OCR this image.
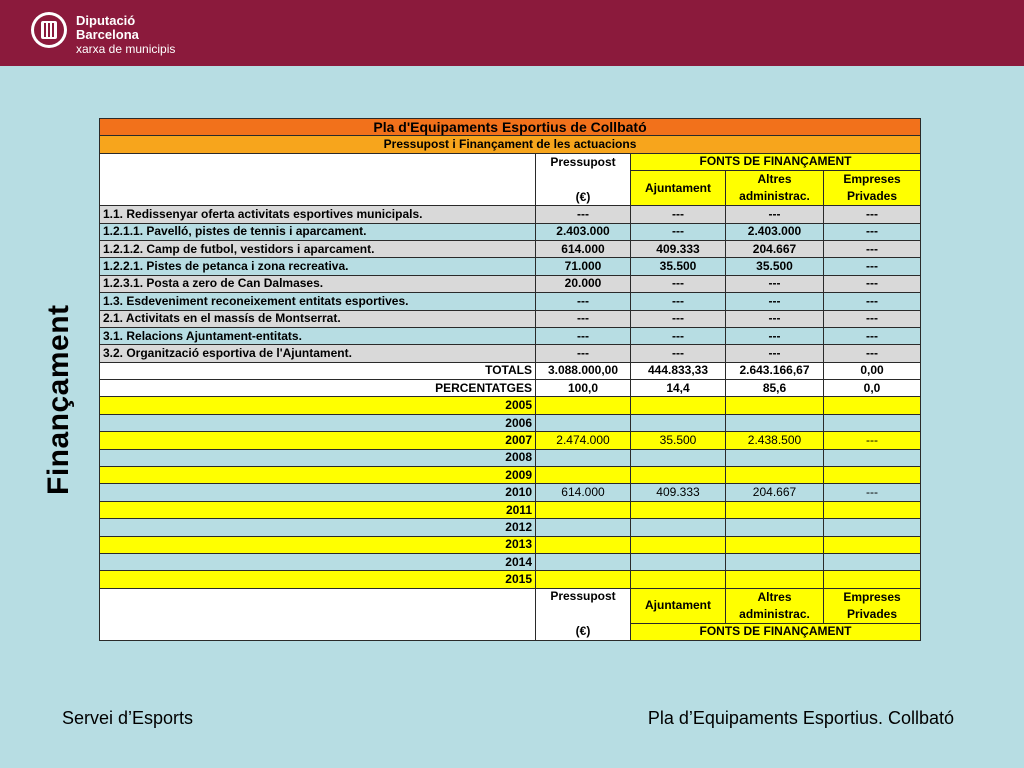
Diputació
Barcelona
xarxa de municipis
Finançament
Pla d'Equipaments Esportius de Collbató				
Pressupost i Finançament de les actuacions				
	Pressupost	FONTS DE FINANÇAMENT		
	(€)	Ajuntament	Altres administrac.	Empreses Privades
1.1. Redissenyar oferta activitats esportives municipals.	---	---	---	---
1.2.1.1. Pavelló, pistes de tennis i aparcament.	2.403.000	---	2.403.000	---
1.2.1.2. Camp de futbol, vestidors i aparcament.	614.000	409.333	204.667	---
1.2.2.1. Pistes de petanca i zona recreativa.	71.000	35.500	35.500	---
1.2.3.1. Posta a zero de Can Dalmases.	20.000	---	---	---
1.3. Esdeveniment reconeixement entitats esportives.	---	---	---	---
2.1. Activitats en el massís de Montserrat.	---	---	---	---
3.1. Relacions Ajuntament-entitats.	---	---	---	---
3.2. Organització esportiva de l'Ajuntament.	---	---	---	---
TOTALS	3.088.000,00	444.833,33	2.643.166,67	0,00
PERCENTATGES	100,0	14,4	85,6	0,0
2005				
2006				
2007	2.474.000	35.500	2.438.500	---
2008				
2009				
2010	614.000	409.333	204.667	---
2011				
2012				
2013				
2014				
2015				
	Pressupost	Ajuntament	Altres administrac.	Empreses Privades
	(€)	FONTS DE FINANÇAMENT		
Servei d’Esports	Pla d’Equipaments Esportius. Collbató
